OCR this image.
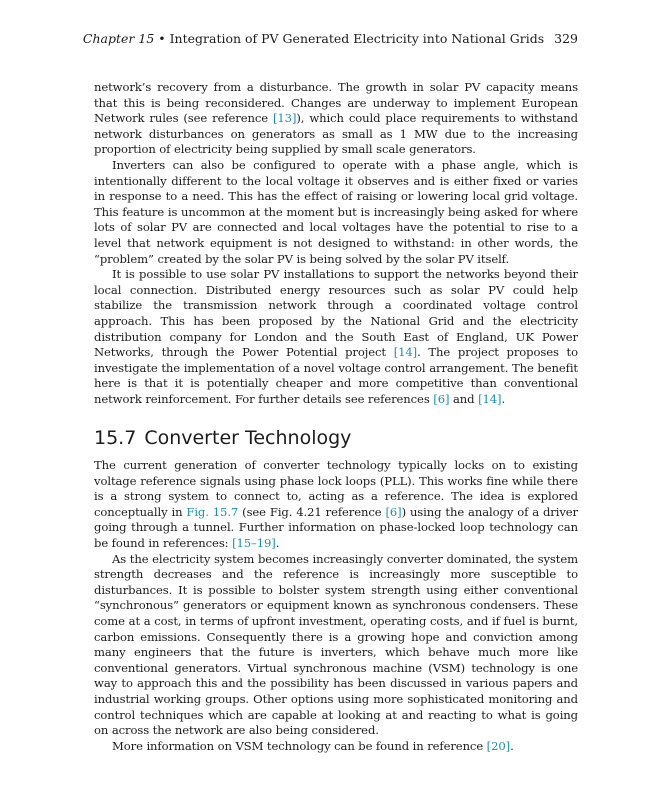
Chapter 15 • Integration of PV Generated Electricity into National Grids 329

network’s recovery from a disturbance. The growth in solar PV capacity means that this is being reconsidered. Changes are underway to implement European Network rules (see reference [13]), which could place requirements to withstand network disturbances on generators as small as 1 MW due to the increasing proportion of electricity being supplied by small scale generators.

Inverters can also be configured to operate with a phase angle, which is intentionally different to the local voltage it observes and is either fixed or varies in response to a need. This has the effect of raising or lowering local grid voltage. This feature is uncommon at the moment but is increasingly being asked for where lots of solar PV are connected and local voltages have the potential to rise to a level that network equipment is not designed to withstand: in other words, the “problem” created by the solar PV is being solved by the solar PV itself.

It is possible to use solar PV installations to support the networks beyond their local connection. Distributed energy resources such as solar PV could help stabilize the transmission network through a coordinated voltage control approach. This has been proposed by the National Grid and the electricity distribution company for London and the South East of England, UK Power Networks, through the Power Potential project [14]. The project proposes to investigate the implementation of a novel voltage control arrangement. The benefit here is that it is potentially cheaper and more competitive than conventional network reinforcement. For further details see references [6] and [14].

15.7 Converter Technology

The current generation of converter technology typically locks on to existing voltage reference signals using phase lock loops (PLL). This works fine while there is a strong system to connect to, acting as a reference. The idea is explored conceptually in Fig. 15.7 (see Fig. 4.21 reference [6]) using the analogy of a driver going through a tunnel. Further information on phase-locked loop technology can be found in references: [15–19].

As the electricity system becomes increasingly converter dominated, the system strength decreases and the reference is increasingly more susceptible to disturbances. It is possible to bolster system strength using either conventional “synchronous” generators or equipment known as synchronous condensers. These come at a cost, in terms of upfront investment, operating costs, and if fuel is burnt, carbon emissions. Consequently there is a growing hope and conviction among many engineers that the future is inverters, which behave much more like conventional generators. Virtual synchronous machine (VSM) technology is one way to approach this and the possibility has been discussed in various papers and industrial working groups. Other options using more sophisticated monitoring and control techniques which are capable at looking at and reacting to what is going on across the network are also being considered.

More information on VSM technology can be found in reference [20].
